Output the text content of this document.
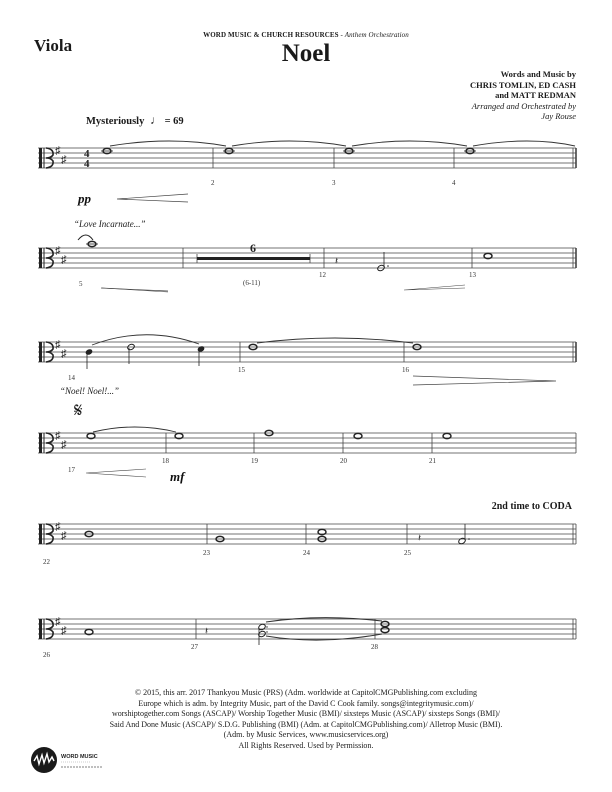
Viola
WORD MUSIC & CHURCH RESOURCES - Anthem Orchestration
Noel
Words and Music by
CHRIS TOMLIN, ED CASH
and MATT REDMAN
Arranged and Orchestrated by
Jay Rouse
Mysteriously ♩ = 69
“Love Incarnate...”
“Noel! Noel!...”
𝄋
2nd time to CODA
♯
♯ 4
4
2	3	4
pp
♯
♯
6
(6-11)
𝄽
5
12	13
♯
♯
14
15	16
♯
♯
17
18	19	20	21
mf
♯
♯	𝄽
22
23	24	25
♯
♯	𝄽
26
27	28
© 2015, this arr. 2017 Thankyou Music (PRS) (Adm. worldwide at CapitolCMGPublishing.com excluding
Europe which is adm. by Integrity Music, part of the David C Cook family. songs@integritymusic.com)/
worshiptogether.com Songs (ASCAP)/ Worship Together Music (BMI)/ sixsteps Music (ASCAP)/ sixsteps Songs (BMI)/
Said And Done Music (ASCAP)/ S.D.G. Publishing (BMI) (Adm. at CapitolCMGPublishing.com)/ Alletrop Music (BMI).
(Adm. by Music Services, www.musicservices.org)
All Rights Reserved. Used by Permission.
WORD MUSIC
